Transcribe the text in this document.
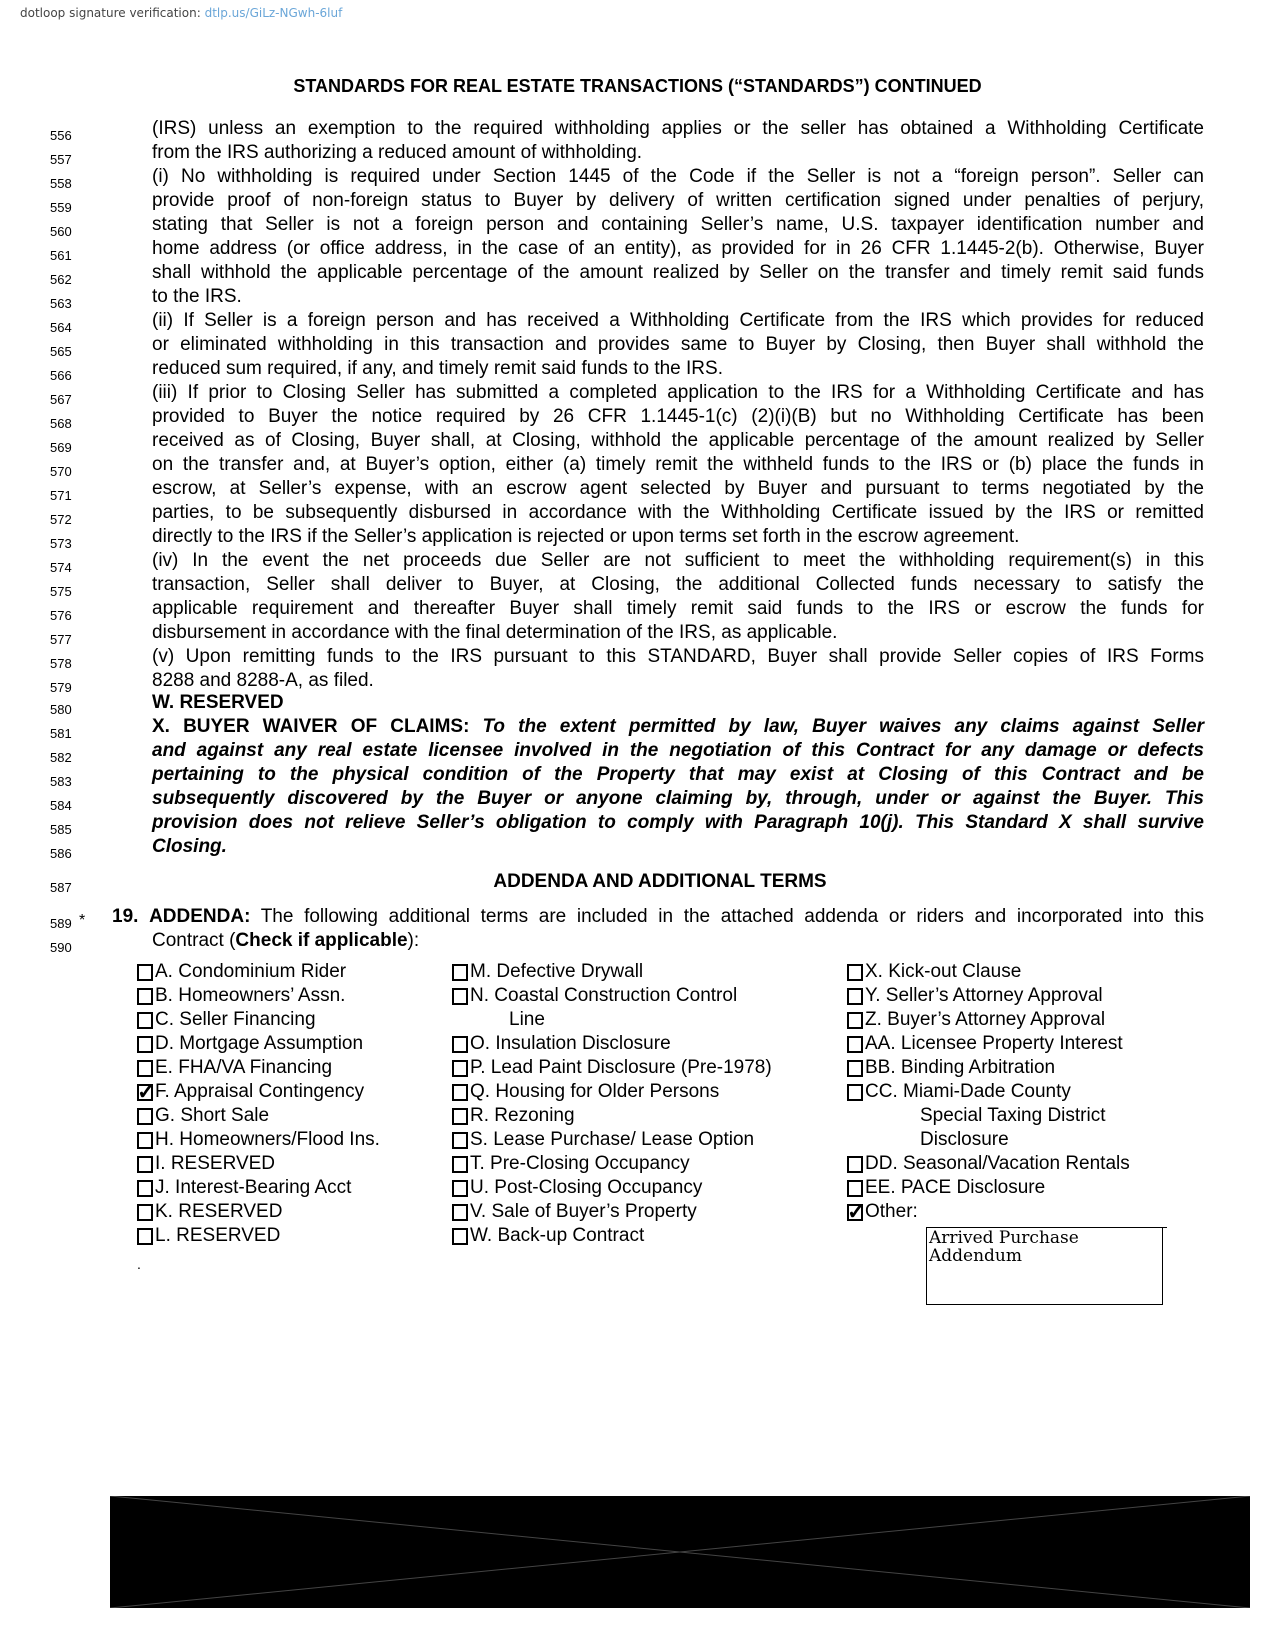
dotloop signature verification: dtlp.us/GiLz-NGwh-6luf
STANDARDS FOR REAL ESTATE TRANSACTIONS (“STANDARDS”) CONTINUED
556	(IRS) unless an exemption to the required withholding applies or the seller has obtained a Withholding Certificate
557	from the IRS authorizing a reduced amount of withholding.
558	(i) No withholding is required under Section 1445 of the Code if the Seller is not a “foreign person”. Seller can
559	provide proof of non-foreign status to Buyer by delivery of written certification signed under penalties of perjury,
560	stating that Seller is not a foreign person and containing Seller’s name, U.S. taxpayer identification number and
561	home address (or office address, in the case of an entity), as provided for in 26 CFR 1.1445-2(b). Otherwise, Buyer
562	shall withhold the applicable percentage of the amount realized by Seller on the transfer and timely remit said funds
563	to the IRS.
564	(ii) If Seller is a foreign person and has received a Withholding Certificate from the IRS which provides for reduced
565	or eliminated withholding in this transaction and provides same to Buyer by Closing, then Buyer shall withhold the
566	reduced sum required, if any, and timely remit said funds to the IRS.
567	(iii) If prior to Closing Seller has submitted a completed application to the IRS for a Withholding Certificate and has
568	provided to Buyer the notice required by 26 CFR 1.1445-1(c) (2)(i)(B) but no Withholding Certificate has been
569	received as of Closing, Buyer shall, at Closing, withhold the applicable percentage of the amount realized by Seller
570	on the transfer and, at Buyer’s option, either (a) timely remit the withheld funds to the IRS or (b) place the funds in
571	escrow, at Seller’s expense, with an escrow agent selected by Buyer and pursuant to terms negotiated by the
572	parties, to be subsequently disbursed in accordance with the Withholding Certificate issued by the IRS or remitted
573	directly to the IRS if the Seller’s application is rejected or upon terms set forth in the escrow agreement.
574	(iv) In the event the net proceeds due Seller are not sufficient to meet the withholding requirement(s) in this
575	transaction, Seller shall deliver to Buyer, at Closing, the additional Collected funds necessary to satisfy the
576	applicable requirement and thereafter Buyer shall timely remit said funds to the IRS or escrow the funds for
577	disbursement in accordance with the final determination of the IRS, as applicable.
578	(v) Upon remitting funds to the IRS pursuant to this STANDARD, Buyer shall provide Seller copies of IRS Forms
579	8288 and 8288-A, as filed.
580	W. RESERVED
581	X. BUYER WAIVER OF CLAIMS: To the extent permitted by law, Buyer waives any claims against Seller
582	and against any real estate licensee involved in the negotiation of this Contract for any damage or defects
583	pertaining to the physical condition of the Property that may exist at Closing of this Contract and be
584	subsequently discovered by the Buyer or anyone claiming by, through, under or against the Buyer. This
585	provision does not relieve Seller’s obligation to comply with Paragraph 10(j). This Standard X shall survive
586	Closing.
587	ADDENDA AND ADDITIONAL TERMS
589 *
590
19. ADDENDA: The following additional terms are included in the attached addenda or riders and incorporated into this
Contract (Check if applicable):
A. Condominium Rider
B. Homeowners’ Assn.
C. Seller Financing
D. Mortgage Assumption
E. FHA/VA Financing
✓ F. Appraisal Contingency
G. Short Sale
H. Homeowners/Flood Ins.
I. RESERVED
J. Interest-Bearing Acct
K. RESERVED
L. RESERVED
M. Defective Drywall
N. Coastal Construction Control
Line
O. Insulation Disclosure
P. Lead Paint Disclosure (Pre-1978)
Q. Housing for Older Persons
R. Rezoning
S. Lease Purchase/ Lease Option
T. Pre-Closing Occupancy
U. Post-Closing Occupancy
V. Sale of Buyer’s Property
W. Back-up Contract
X. Kick-out Clause
Y. Seller’s Attorney Approval
Z. Buyer’s Attorney Approval
AA. Licensee Property Interest
BB. Binding Arbitration
CC. Miami-Dade County
Special Taxing District
Disclosure
DD. Seasonal/Vacation Rentals
EE. PACE Disclosure
✓ Other:
Arrived Purchase Addendum
.
